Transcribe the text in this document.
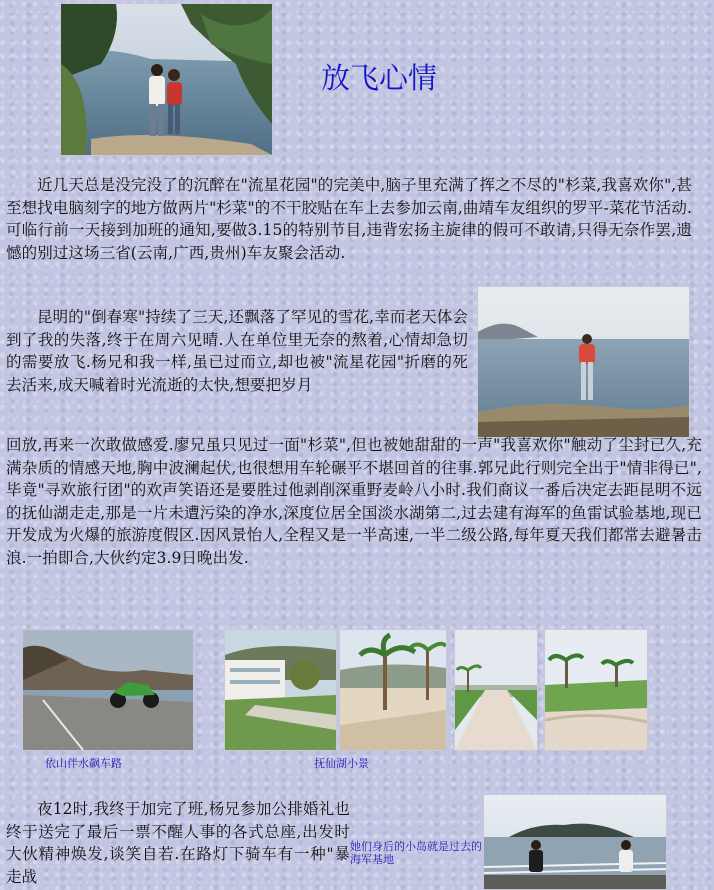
放飞心情

近几天总是没完没了的沉醉在"流星花园"的完美中,脑子里充满了挥之不尽的"杉菜,我喜欢你",甚至想找电脑刻字的地方做两片"杉菜"的不干胶贴在车上去参加云南,曲靖车友组织的罗平-菜花节活动.可临行前一天接到加班的通知,要做3.15的特别节目,违背宏扬主旋律的假可不敢请,只得无奈作罢,遗憾的别过这场三省(云南,广西,贵州)车友聚会活动.

昆明的"倒春寒"持续了三天,还飘落了罕见的雪花,幸而老天体会到了我的失落,终于在周六见晴.人在单位里无奈的熬着,心情却急切的需要放飞.杨兄和我一样,虽已过而立,却也被"流星花园"折磨的死去活来,成天喊着时光流逝的太快,想要把岁月

回放,再来一次敢做感爱.廖兄虽只见过一面"杉菜",但也被她甜甜的一声"我喜欢你"触动了尘封已久,充满杂质的情感天地,胸中波澜起伏,也很想用车轮碾平不堪回首的往事.郭兄此行则完全出于"情非得已",毕竟"寻欢旅行团"的欢声笑语还是要胜过他剥削深重野麦岭八小时.我们商议一番后决定去距昆明不远的抚仙湖走走,那是一片未遭污染的净水,深度位居全国淡水湖第二,过去建有海军的鱼雷试验基地,现已开发成为火爆的旅游度假区.因风景怡人,全程又是一半高速,一半二级公路,每年夏天我们都常去避暑击浪.一拍即合,大伙约定3.9日晚出发.

依山伴水飙车路	抚仙湖小景

夜12时,我终于加完了班,杨兄参加公排婚礼也终于送完了最后一票不醒人事的各式总座,出发时大伙精神焕发,谈笑自若.在路灯下骑车有一种"暴走战

她们身后的小岛就是过去的海军基地
